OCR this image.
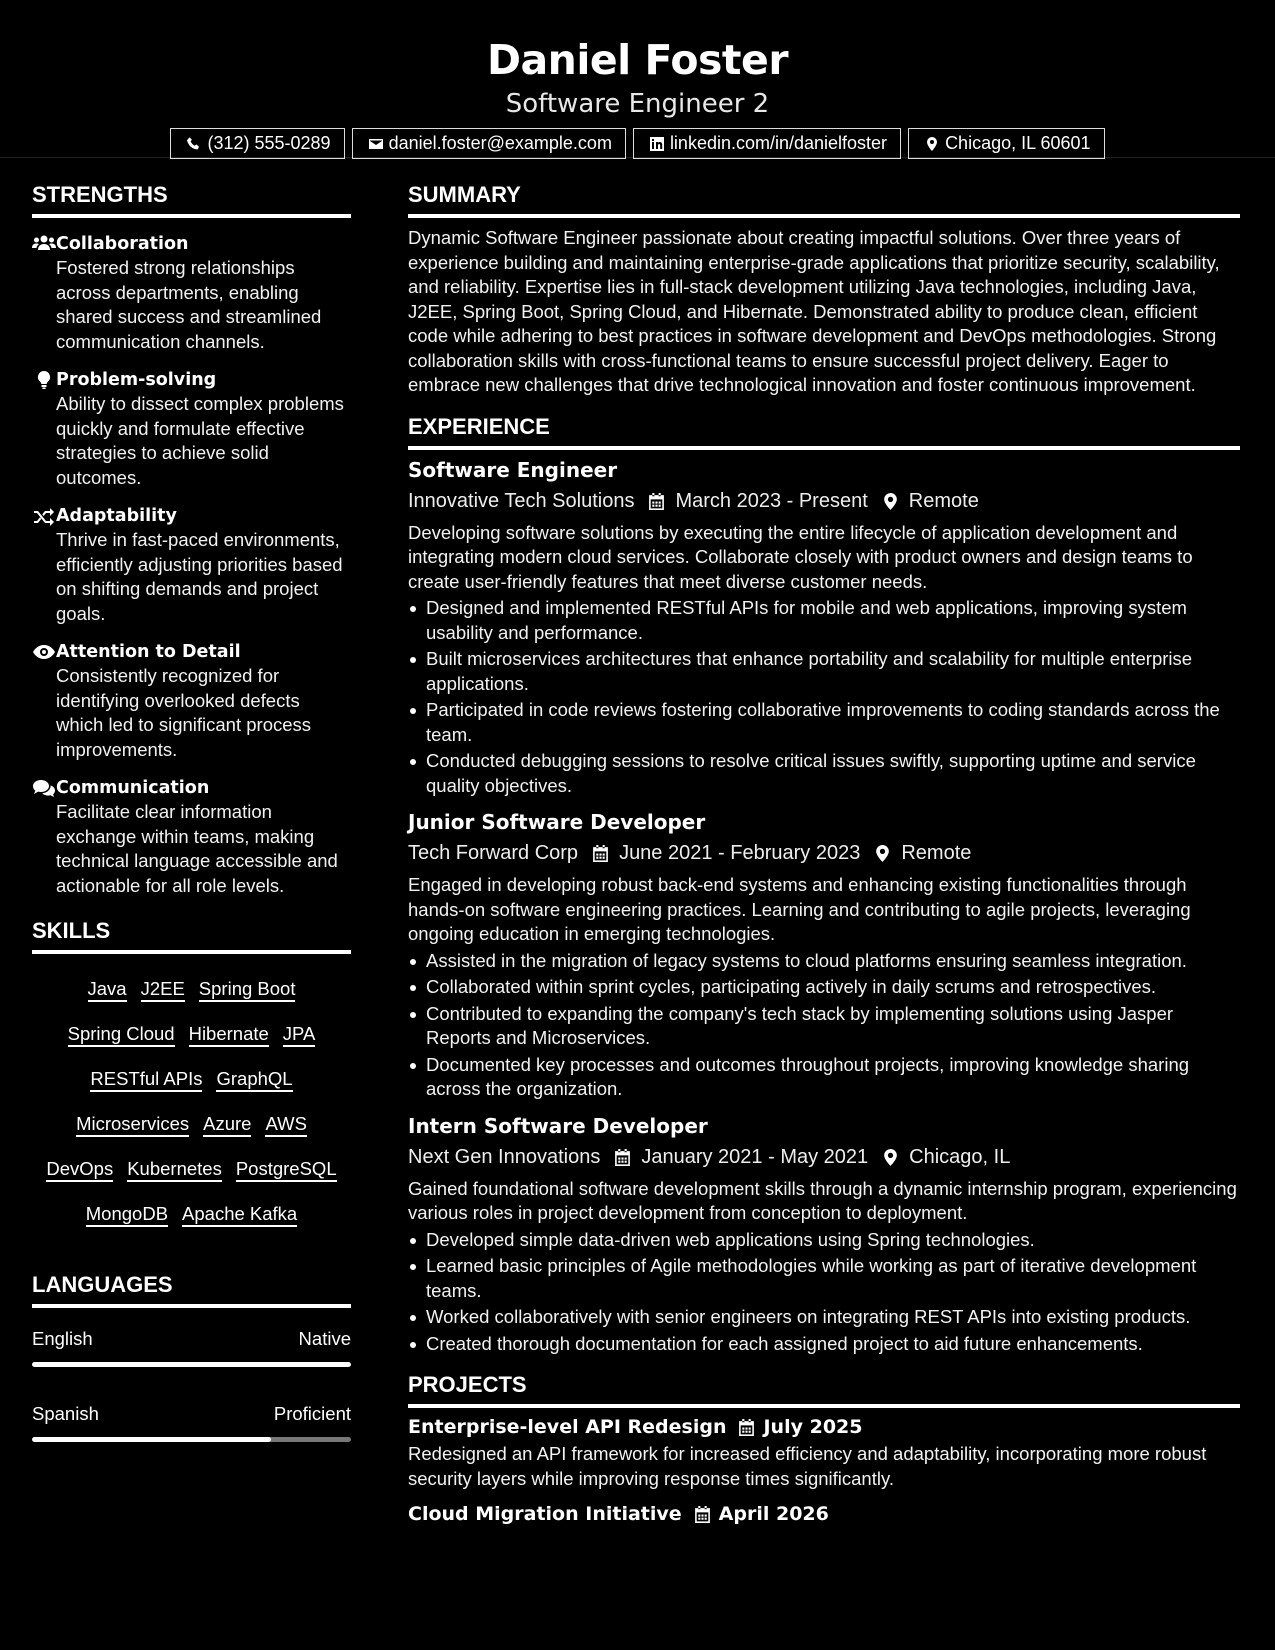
Daniel Foster
Software Engineer 2
(312) 555-0289	daniel.foster@example.com	linkedin.com/in/danielfoster	Chicago, IL 60601
STRENGTHS
Collaboration
Fostered strong relationships across departments, enabling shared success and streamlined communication channels.
Problem-solving
Ability to dissect complex problems quickly and formulate effective strategies to achieve solid outcomes.
Adaptability
Thrive in fast-paced environments, efficiently adjusting priorities based on shifting demands and project goals.
Attention to Detail
Consistently recognized for identifying overlooked defects which led to significant process improvements.
Communication
Facilitate clear information exchange within teams, making technical language accessible and actionable for all role levels.
SKILLS
Java J2EE Spring Boot
Spring Cloud Hibernate JPA
RESTful APIs GraphQL
Microservices Azure AWS
DevOps Kubernetes PostgreSQL
MongoDB Apache Kafka
LANGUAGES
English	Native
Spanish	Proficient
SUMMARY
Dynamic Software Engineer passionate about creating impactful solutions. Over three years of experience building and maintaining enterprise-grade applications that prioritize security, scalability, and reliability. Expertise lies in full-stack development utilizing Java technologies, including Java, J2EE, Spring Boot, Spring Cloud, and Hibernate. Demonstrated ability to produce clean, efficient code while adhering to best practices in software development and DevOps methodologies. Strong collaboration skills with cross-functional teams to ensure successful project delivery. Eager to embrace new challenges that drive technological innovation and foster continuous improvement.
EXPERIENCE
Software Engineer
Innovative Tech Solutions March 2023 - Present Remote
Developing software solutions by executing the entire lifecycle of application development and integrating modern cloud services. Collaborate closely with product owners and design teams to create user-friendly features that meet diverse customer needs.
Designed and implemented RESTful APIs for mobile and web applications, improving system usability and performance.
Built microservices architectures that enhance portability and scalability for multiple enterprise applications.
Participated in code reviews fostering collaborative improvements to coding standards across the team.
Conducted debugging sessions to resolve critical issues swiftly, supporting uptime and service quality objectives.
Junior Software Developer
Tech Forward Corp June 2021 - February 2023 Remote
Engaged in developing robust back-end systems and enhancing existing functionalities through hands-on software engineering practices. Learning and contributing to agile projects, leveraging ongoing education in emerging technologies.
Assisted in the migration of legacy systems to cloud platforms ensuring seamless integration.
Collaborated within sprint cycles, participating actively in daily scrums and retrospectives.
Contributed to expanding the company's tech stack by implementing solutions using Jasper Reports and Microservices.
Documented key processes and outcomes throughout projects, improving knowledge sharing across the organization.
Intern Software Developer
Next Gen Innovations January 2021 - May 2021 Chicago, IL
Gained foundational software development skills through a dynamic internship program, experiencing various roles in project development from conception to deployment.
Developed simple data-driven web applications using Spring technologies.
Learned basic principles of Agile methodologies while working as part of iterative development teams.
Worked collaboratively with senior engineers on integrating REST APIs into existing products.
Created thorough documentation for each assigned project to aid future enhancements.
PROJECTS
Enterprise-level API Redesign July 2025
Redesigned an API framework for increased efficiency and adaptability, incorporating more robust security layers while improving response times significantly.
Cloud Migration Initiative April 2026
